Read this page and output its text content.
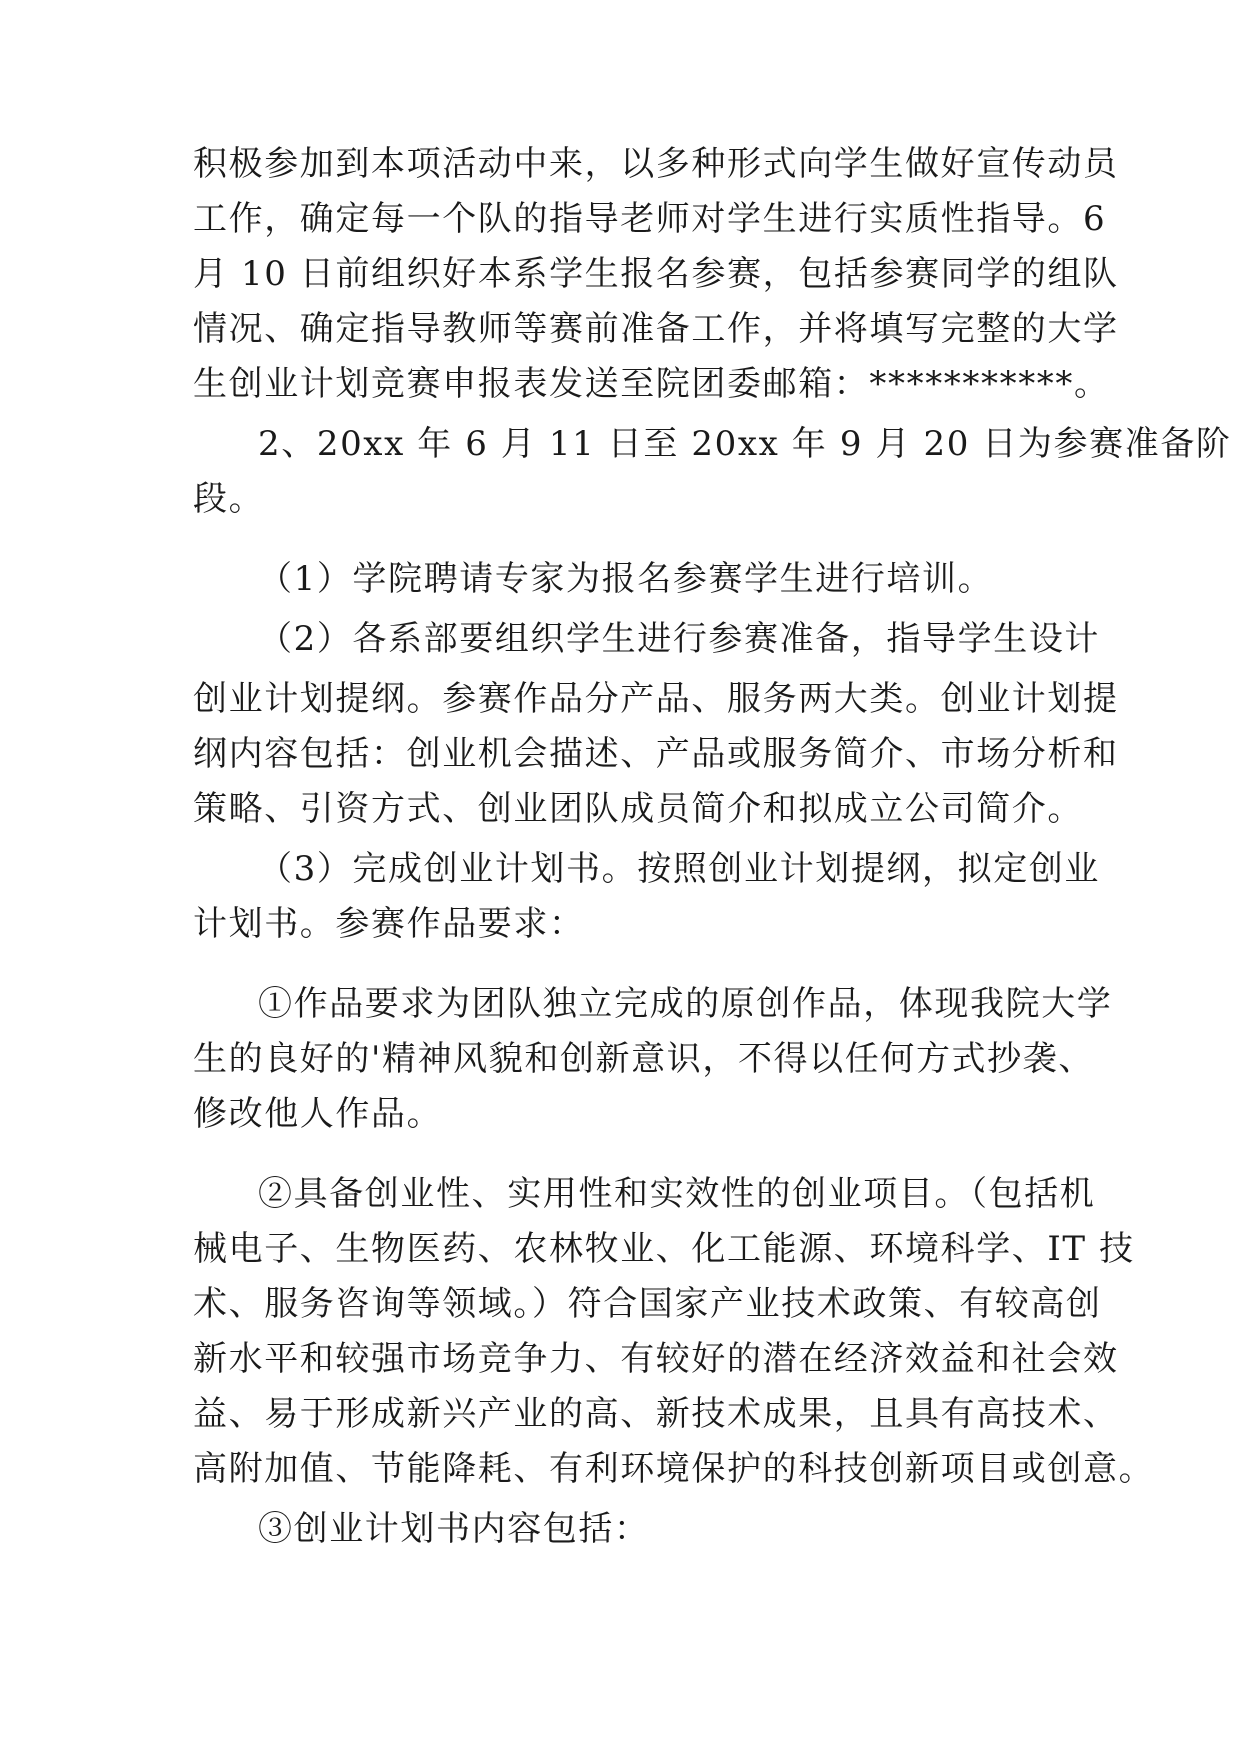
积极参加到本项活动中来，以多种形式向学生做好宣传动员
工作，确定每一个队的指导老师对学生进行实质性指导。6
月 10 日前组织好本系学生报名参赛，包括参赛同学的组队
情况、确定指导教师等赛前准备工作，并将填写完整的大学
生创业计划竞赛申报表发送至院团委邮箱：***********。
2、20xx 年 6 月 11 日至 20xx 年 9 月 20 日为参赛准备阶
段。
（1）学院聘请专家为报名参赛学生进行培训。
（2）各系部要组织学生进行参赛准备，指导学生设计
创业计划提纲。参赛作品分产品、服务两大类。创业计划提
纲内容包括：创业机会描述、产品或服务简介、市场分析和
策略、引资方式、创业团队成员简介和拟成立公司简介。
（3）完成创业计划书。按照创业计划提纲，拟定创业
计划书。参赛作品要求：
①作品要求为团队独立完成的原创作品，体现我院大学
生的良好的'精神风貌和创新意识，不得以任何方式抄袭、
修改他人作品。
②具备创业性、实用性和实效性的创业项目。（包括机
械电子、生物医药、农林牧业、化工能源、环境科学、IT 技
术、服务咨询等领域。）符合国家产业技术政策、有较高创
新水平和较强市场竞争力、有较好的潜在经济效益和社会效
益、易于形成新兴产业的高、新技术成果，且具有高技术、
高附加值、节能降耗、有利环境保护的科技创新项目或创意。
③创业计划书内容包括：
